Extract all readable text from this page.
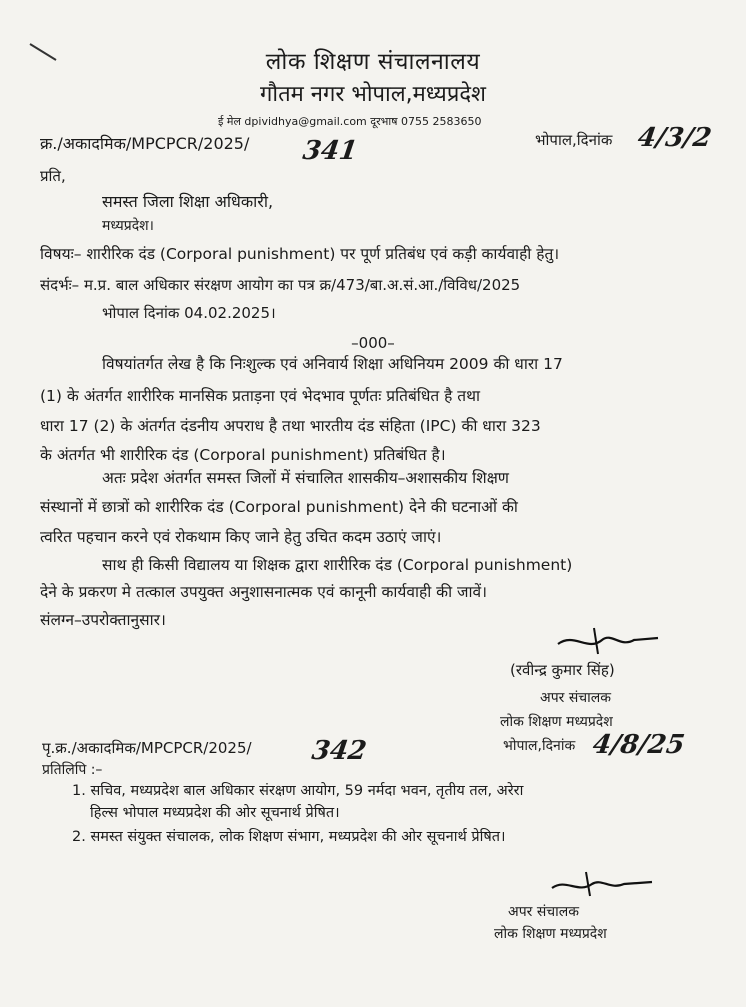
लोक शिक्षण संचालनालय
गौतम नगर भोपाल,मध्यप्रदेश
ई मेल dpividhya@gmail.com दूरभाष 0755 2583650
क्र./अकादमिक/MPCPCR/2025/ 341	भोपाल,दिनांक 4/3/2
प्रति,
समस्त जिला शिक्षा अधिकारी,
मध्यप्रदेश।
विषयः– शारीरिक दंड (Corporal punishment) पर पूर्ण प्रतिबंध एवं कड़ी कार्यवाही हेतु।
संदर्भः– म.प्र. बाल अधिकार संरक्षण आयोग का पत्र क्र/473/बा.अ.सं.आ./विविध/2025
भोपाल दिनांक 04.02.2025।
–000–
विषयांतर्गत लेख है कि निःशुल्क एवं अनिवार्य शिक्षा अधिनियम 2009 की धारा 17
(1) के अंतर्गत शारीरिक मानसिक प्रताड़ना एवं भेदभाव पूर्णतः प्रतिबंधित है तथा
धारा 17 (2) के अंतर्गत दंडनीय अपराध है तथा भारतीय दंड संहिता (IPC) की धारा 323
के अंतर्गत भी शारीरिक दंड (Corporal punishment) प्रतिबंधित है।
अतः प्रदेश अंतर्गत समस्त जिलों में संचालित शासकीय–अशासकीय शिक्षण
संस्थानों में छात्रों को शारीरिक दंड (Corporal punishment) देने की घटनाओं की
त्वरित पहचान करने एवं रोकथाम किए जाने हेतु उचित कदम उठाएं जाएं।
साथ ही किसी विद्यालय या शिक्षक द्वारा शारीरिक दंड (Corporal punishment)
देने के प्रकरण मे तत्काल उपयुक्त अनुशासनात्मक एवं कानूनी कार्यवाही की जावें।
संलग्न–उपरोक्तानुसार।
(रवीन्द्र कुमार सिंह)
अपर संचालक
लोक शिक्षण मध्यप्रदेश
पृ.क्र./अकादमिक/MPCPCR/2025/ 342	भोपाल,दिनांक 4/8/25
प्रतिलिपि :–
1. सचिव, मध्यप्रदेश बाल अधिकार संरक्षण आयोग, 59 नर्मदा भवन, तृतीय तल, अरेरा
हिल्स भोपाल मध्यप्रदेश की ओर सूचनार्थ प्रेषित।
2. समस्त संयुक्त संचालक, लोक शिक्षण संभाग, मध्यप्रदेश की ओर सूचनार्थ प्रेषित।
अपर संचालक
लोक शिक्षण मध्यप्रदेश
